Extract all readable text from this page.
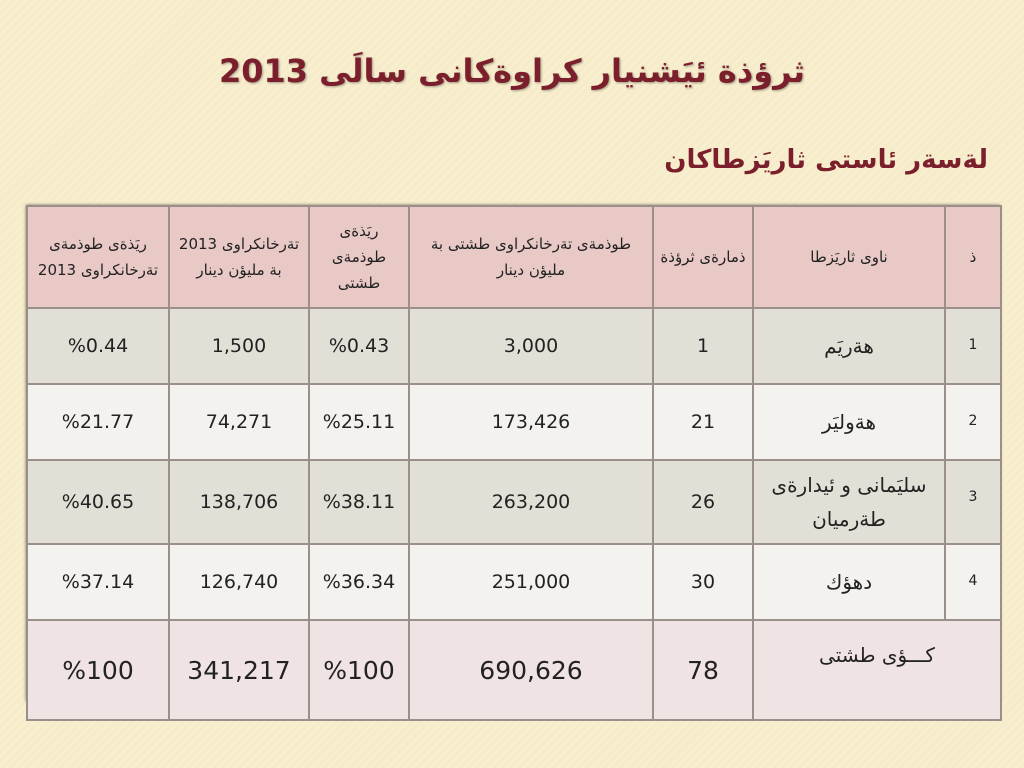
ثرؤذة ئيَشنيار كراوةكانى سالَى 2013
لةسةر ئاستى ثاريَزطاكان
ذ	ناوى ثاريَزطا	ذمارةى ثرؤذة	طوذمةى تةرخانكراوى طشتى بة مليؤن دينار	ريَذةى طوذمةى طشتى	تةرخانكراوى 2013 بة مليؤن دينار	ريَذةى طوذمةى تةرخانكراوى 2013
1	هةريَم	1	3,000	%0.43	1,500	%0.44
2	هةوليَر	21	173,426	%25.11	74,271	%21.77
3	سليَمانى و ئيدارةى طةرميان	26	263,200	%38.11	138,706	%40.65
4	دهؤك	30	251,000	%36.34	126,740	%37.14
كـــؤى طشتى		78	690,626	%100	341,217	%100
